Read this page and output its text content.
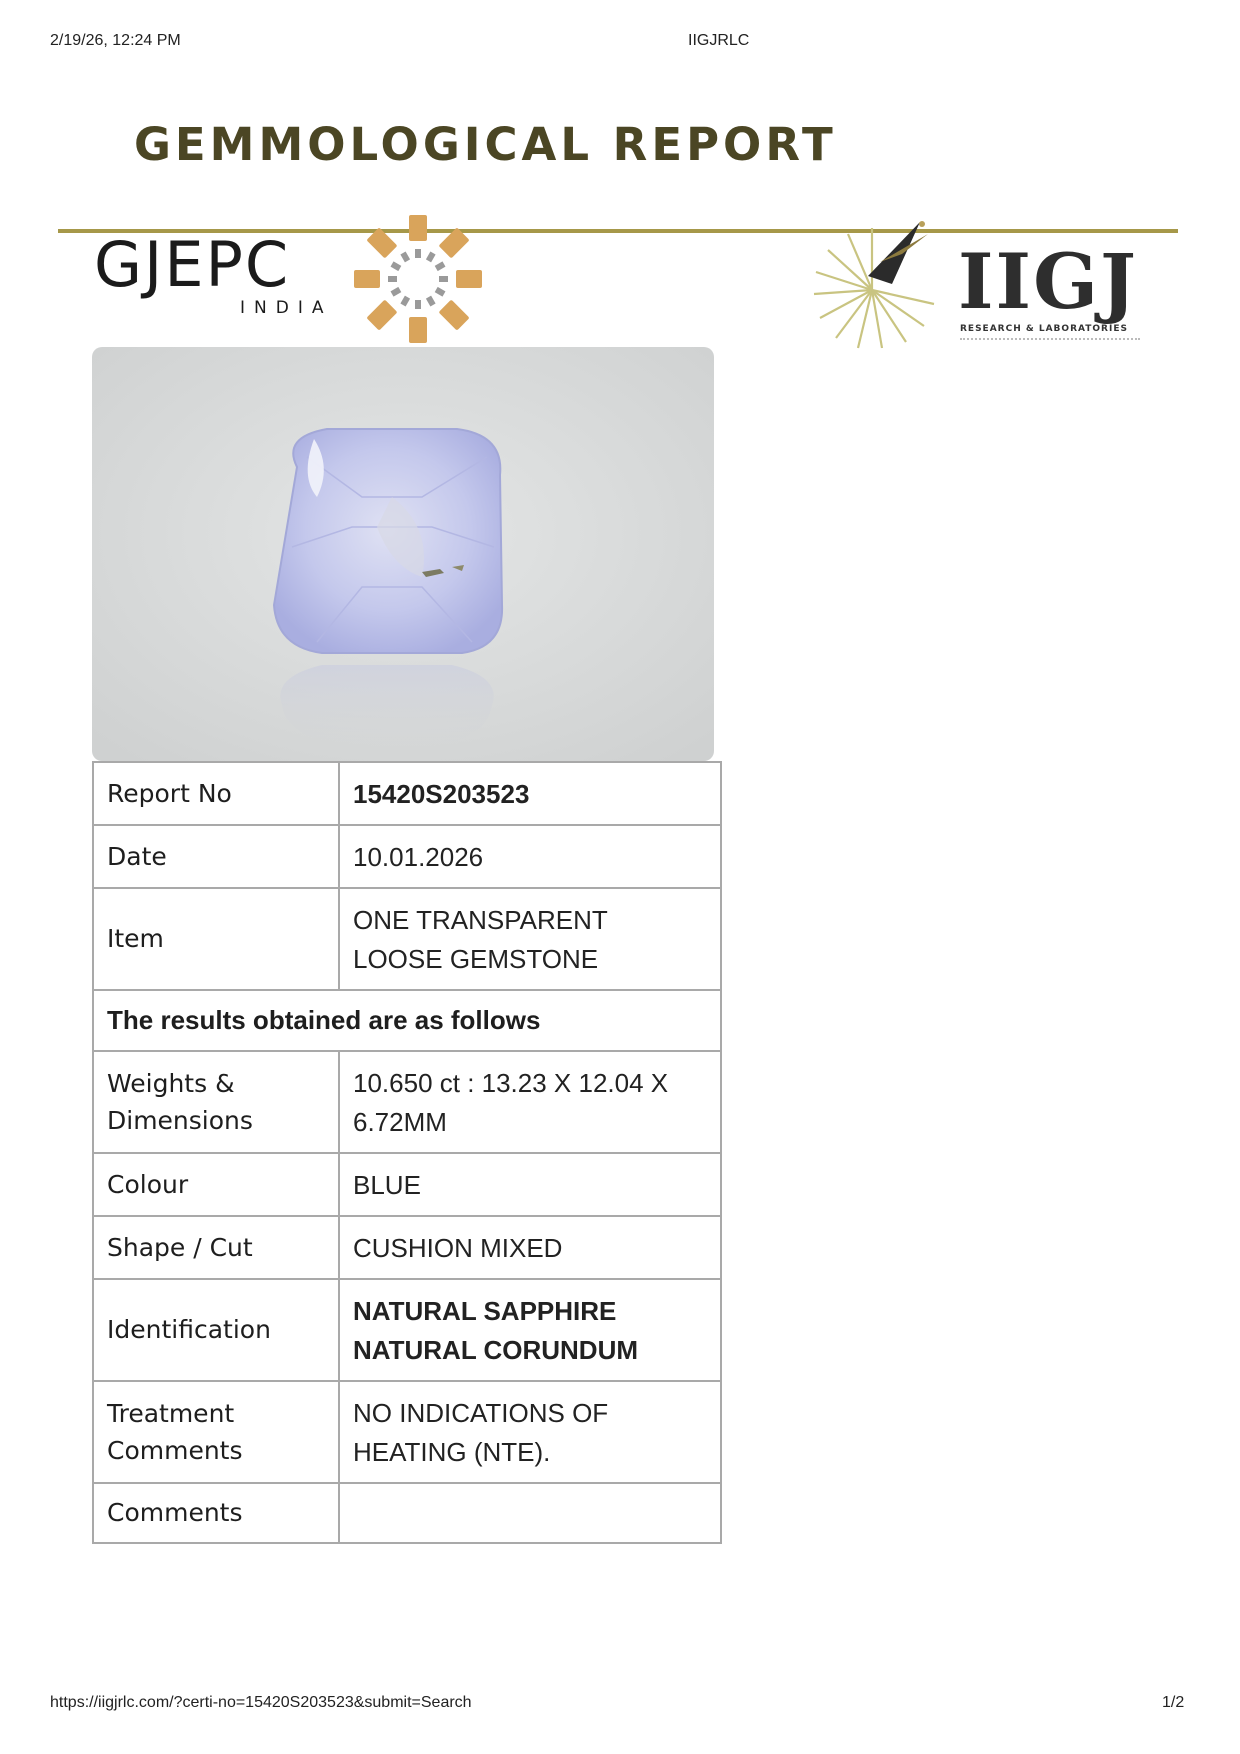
2/19/26, 12:24 PM	IIGJRLC
GEMMOLOGICAL REPORT
GJEPC
INDIA	IIGJ
RESEARCH & LABORATORIES
Report No	15420S203523
Date	10.01.2026
Item	ONE TRANSPARENT
LOOSE GEMSTONE

The results obtained are as follows	

Weights &
Dimensions	10.650 ct : 13.23 X 12.04 X
6.72MM

Colour	BLUE
Shape / Cut	CUSHION MIXED
Identification	NATURAL SAPPHIRE
NATURAL CORUNDUM

Treatment
Comments	NO INDICATIONS OF
HEATING (NTE).

Comments	
https://iigjrlc.com/?certi-no=15420S203523&submit=Search	1/2
